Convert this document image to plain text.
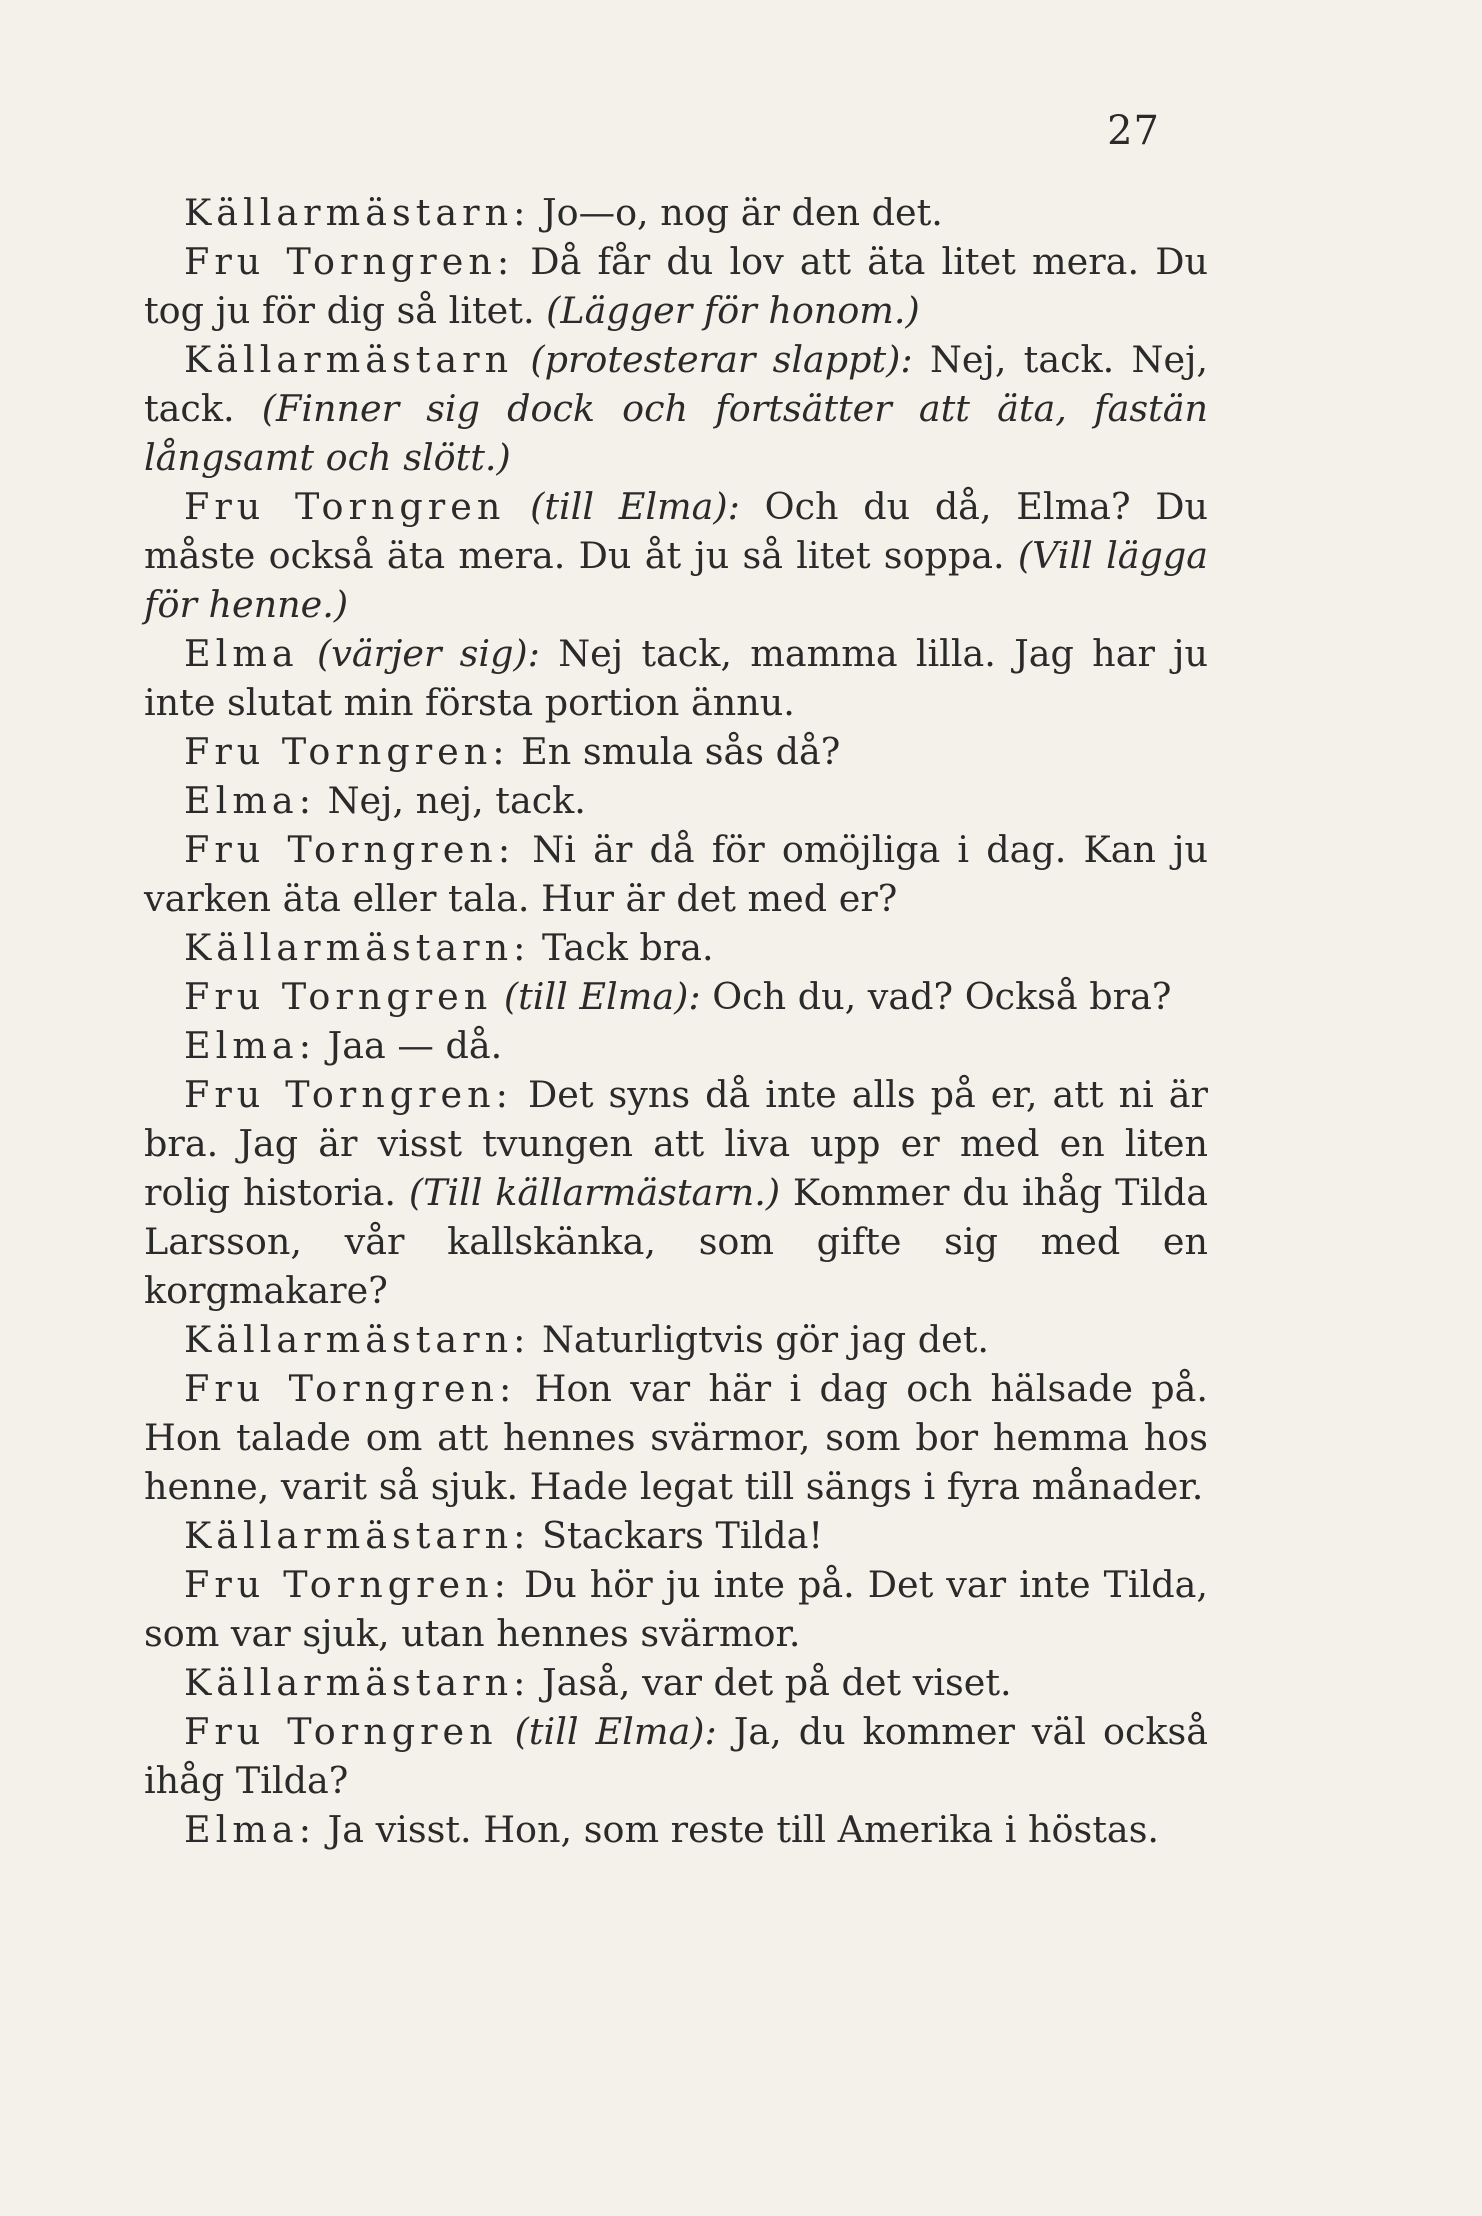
27

Källarmästarn: Jo—o, nog är den det.

Fru Torngren: Då får du lov att äta litet mera. Du tog ju för dig så litet. (Lägger för honom.)

Källarmästarn (protesterar slappt): Nej, tack. Nej, tack. (Finner sig dock och fortsätter att äta, fastän långsamt och slött.)

Fru Torngren (till Elma): Och du då, Elma? Du måste också äta mera. Du åt ju så litet soppa. (Vill lägga för henne.)

Elma (värjer sig): Nej tack, mamma lilla. Jag har ju inte slutat min första portion ännu.

Fru Torngren: En smula sås då?

Elma: Nej, nej, tack.

Fru Torngren: Ni är då för omöjliga i dag. Kan ju varken äta eller tala. Hur är det med er?

Källarmästarn: Tack bra.

Fru Torngren (till Elma): Och du, vad? Också bra?

Elma: Jaa — då.

Fru Torngren: Det syns då inte alls på er, att ni är bra. Jag är visst tvungen att liva upp er med en liten rolig historia. (Till källarmästarn.) Kommer du ihåg Tilda Larsson, vår kallskänka, som gifte sig med en korgmakare?

Källarmästarn: Naturligtvis gör jag det.

Fru Torngren: Hon var här i dag och hälsade på. Hon talade om att hennes svärmor, som bor hemma hos henne, varit så sjuk. Hade legat till sängs i fyra månader.

Källarmästarn: Stackars Tilda!

Fru Torngren: Du hör ju inte på. Det var inte Tilda, som var sjuk, utan hennes svärmor.

Källarmästarn: Jaså, var det på det viset.

Fru Torngren (till Elma): Ja, du kommer väl också ihåg Tilda?

Elma: Ja visst. Hon, som reste till Amerika i höstas.
